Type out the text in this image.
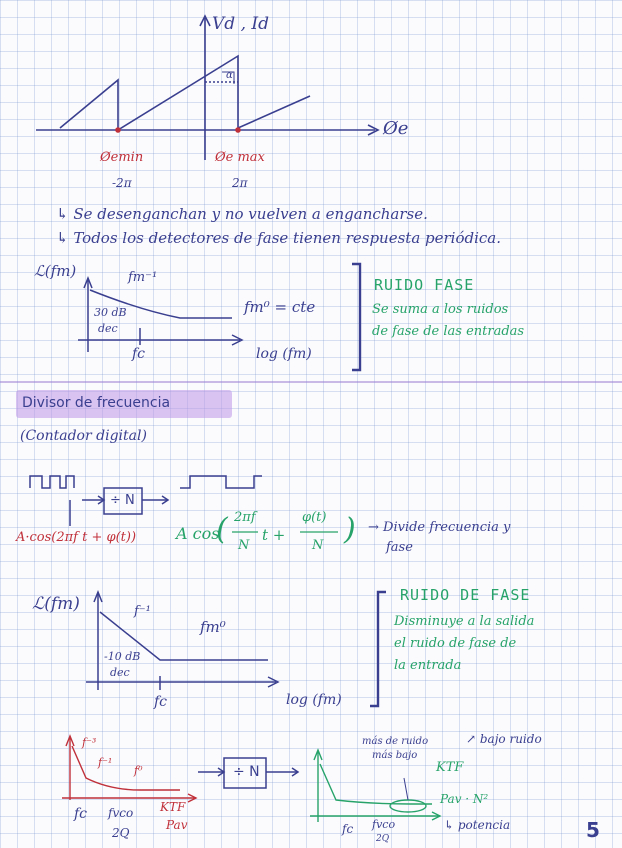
Vd , Id
Øe
α
Øemin	Øe max
-2π	2π
↳ Se desenganchan y no vuelven a engancharse.
↳ Todos los detectores de fase tienen respuesta periódica.
ℒ(fm)	fm⁻¹
30 dB
dec
fc	log (fm)
fm⁰ = cte
RUIDO FASE
Se suma a los ruidos
de fase de las entradas
Divisor de frecuencia
(Contador digital)
÷ N
A·cos(2πf t + φ(t)) A cos
( 2πf
N
t +
φ(t)
N ) → Divide frecuencia y
fase
ℒ(fm)	f⁻¹
fm⁰
-10 dB
dec
fc	log (fm)
RUIDO DE FASE
Disminuye a la salida
el ruido de fase de
la entrada
f⁻³
f⁻¹
f⁰
fc fvco
2Q
KTF
Pav
÷ N
más de ruido
más bajo
↗ bajo ruido
KTF
Pav · N²
↳ potencia
fc fvco
2Q	5
